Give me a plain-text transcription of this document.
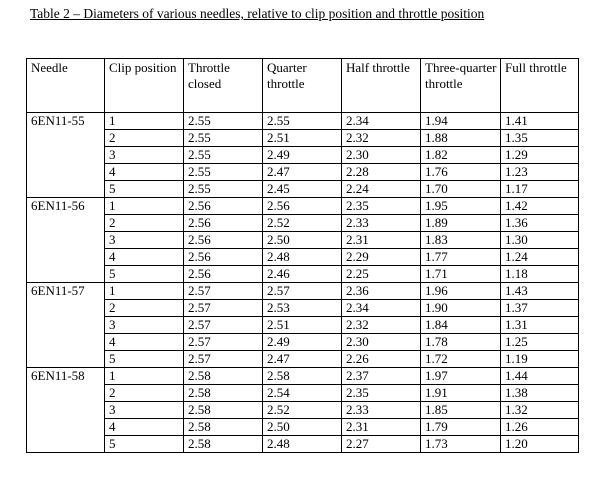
Table 2 – Diameters of various needles, relative to clip position and throttle position
Needle	Clip position	Throttle closed	Quarter throttle	Half throttle	Three-quarter throttle	Full throttle
6EN11-55	1	2.55	2.55	2.34	1.94	1.41
	2	2.55	2.51	2.32	1.88	1.35
	3	2.55	2.49	2.30	1.82	1.29
	4	2.55	2.47	2.28	1.76	1.23
	5	2.55	2.45	2.24	1.70	1.17
6EN11-56	1	2.56	2.56	2.35	1.95	1.42
	2	2.56	2.52	2.33	1.89	1.36
	3	2.56	2.50	2.31	1.83	1.30
	4	2.56	2.48	2.29	1.77	1.24
	5	2.56	2.46	2.25	1.71	1.18
6EN11-57	1	2.57	2.57	2.36	1.96	1.43
	2	2.57	2.53	2.34	1.90	1.37
	3	2.57	2.51	2.32	1.84	1.31
	4	2.57	2.49	2.30	1.78	1.25
	5	2.57	2.47	2.26	1.72	1.19
6EN11-58	1	2.58	2.58	2.37	1.97	1.44
	2	2.58	2.54	2.35	1.91	1.38
	3	2.58	2.52	2.33	1.85	1.32
	4	2.58	2.50	2.31	1.79	1.26
	5	2.58	2.48	2.27	1.73	1.20
